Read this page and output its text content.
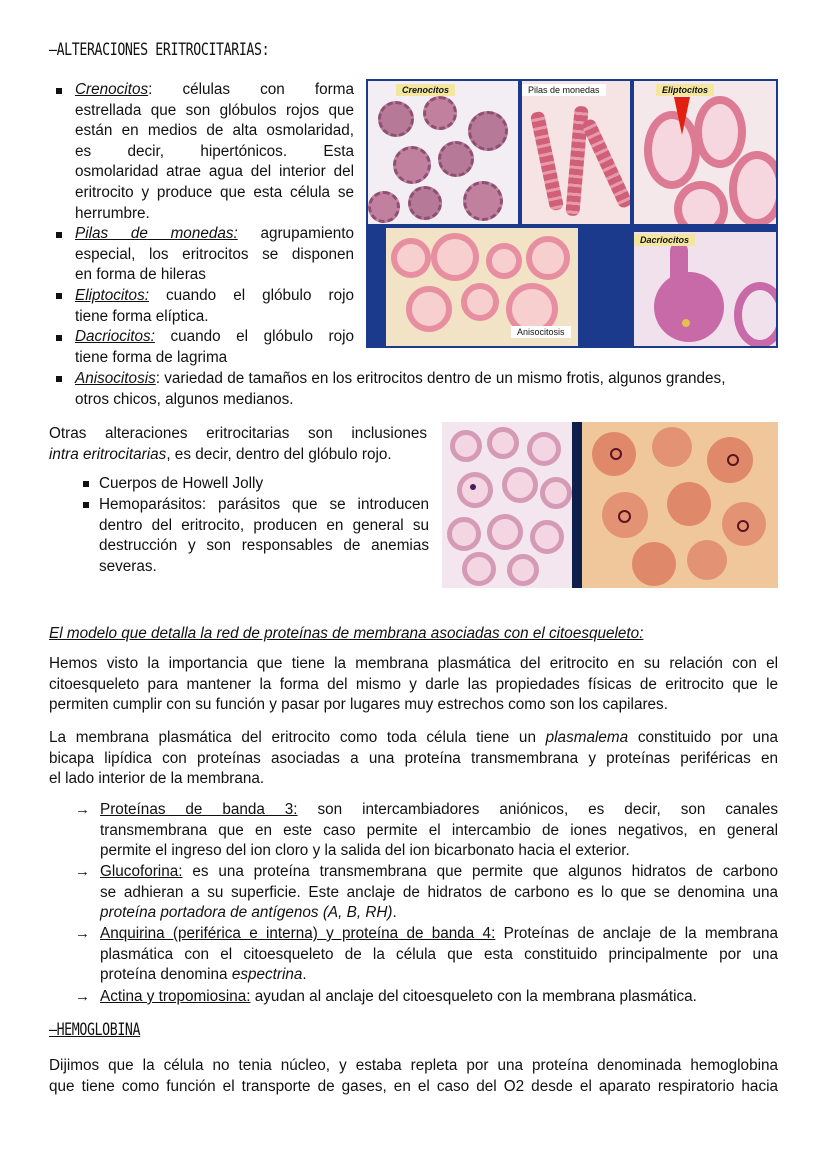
–ALTERACIONES ERITROCITARIAS:
Crenocitos: células con forma
estrellada que son glóbulos rojos que
están en medios de alta osmolaridad,
es decir, hipertónicos. Esta
osmolaridad atrae agua del interior del
eritrocito y produce que esta célula se
herrumbre.
Pilas de monedas: agrupamiento
especial, los eritrocitos se disponen
en forma de hileras
Eliptocitos: cuando el glóbulo rojo
tiene forma elíptica.
Dacriocitos: cuando el glóbulo rojo
tiene forma de lagrima
Anisocitosis: variedad de tamaños en los eritrocitos dentro de un mismo frotis, algunos grandes,
otros chicos, algunos medianos.
Crenocitos	Pilas de monedas	Eliptocitos
Anisocitosis
Dacriocitos
Otras alteraciones eritrocitarias son inclusiones
intra eritrocitarias, es decir, dentro del glóbulo rojo.
Cuerpos de Howell Jolly
Hemoparásitos: parásitos que se introducen
dentro del eritrocito, producen en general su
destrucción y son responsables de anemias
severas.
El modelo que detalla la red de proteínas de membrana asociadas con el citoesqueleto:
Hemos visto la importancia que tiene la membrana plasmática del eritrocito en su relación con el
citoesqueleto para mantener la forma del mismo y darle las propiedades físicas de eritrocito que le
permiten cumplir con su función y pasar por lugares muy estrechos como son los capilares.
La membrana plasmática del eritrocito como toda célula tiene un plasmalema constituido por una
bicapa lipídica con proteínas asociadas a una proteína transmembrana y proteínas periféricas en
el lado interior de la membrana.
→ Proteínas de banda 3: son intercambiadores aniónicos, es decir, son canales
transmembrana que en este caso permite el intercambio de iones negativos, en general
permite el ingreso del ion cloro y la salida del ion bicarbonato hacia el exterior.
→ Glucoforina: es una proteína transmembrana que permite que algunos hidratos de carbono
se adhieran a su superficie. Este anclaje de hidratos de carbono es lo que se denomina una
proteína portadora de antígenos (A, B, RH).
→ Anquirina (periférica e interna) y proteína de banda 4: Proteínas de anclaje de la membrana
plasmática con el citoesqueleto de la célula que esta constituido principalmente por una
proteína denomina espectrina.
→ Actina y tropomiosina: ayudan al anclaje del citoesqueleto con la membrana plasmática.
–HEMOGLOBINA
Dijimos que la célula no tenia núcleo, y estaba repleta por una proteína denominada hemoglobina
que tiene como función el transporte de gases, en el caso del O2 desde el aparato respiratorio hacia
